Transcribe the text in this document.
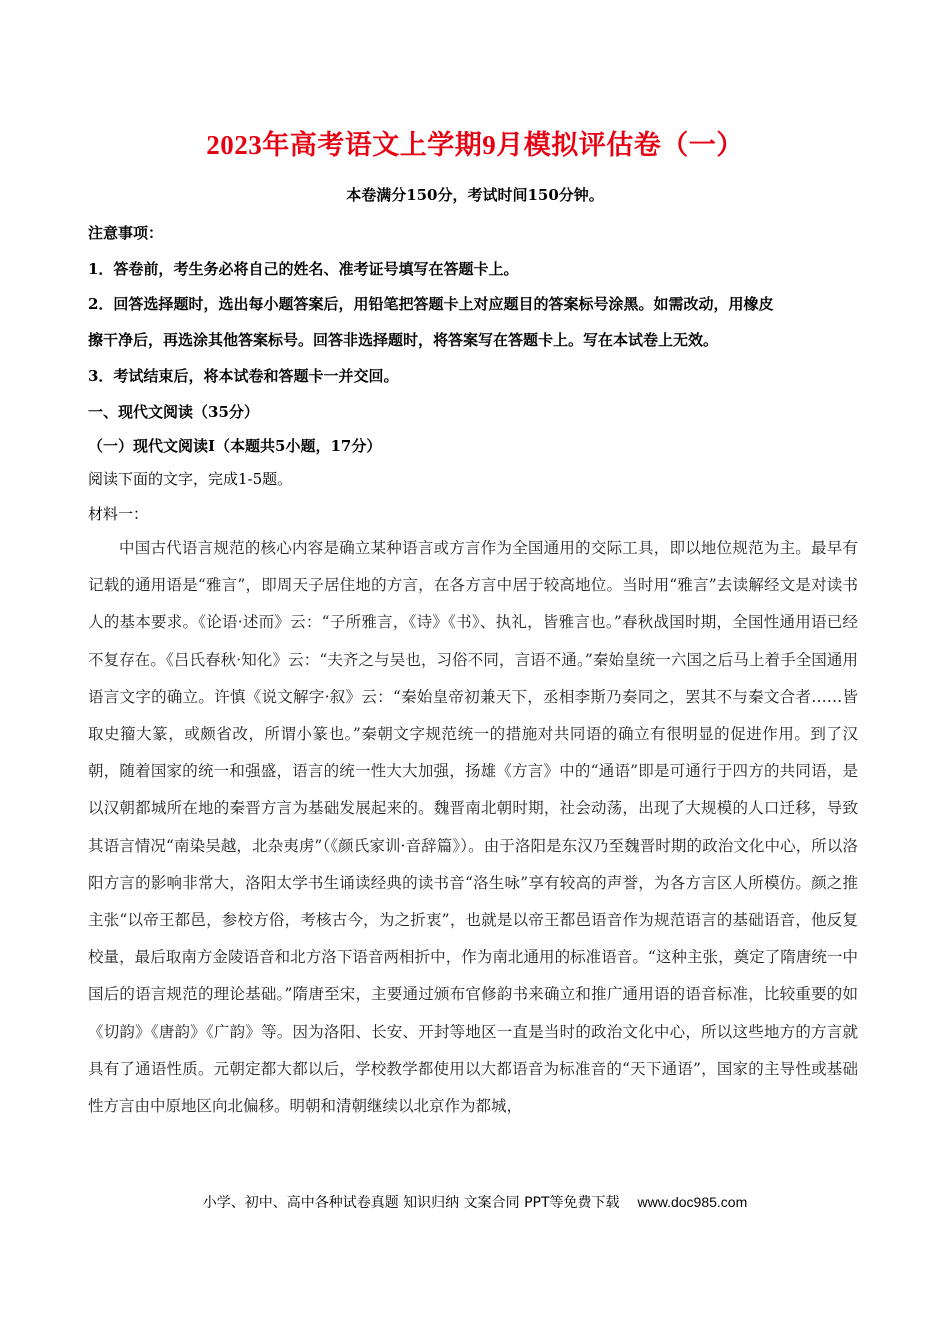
2023年高考语文上学期9月模拟评估卷（一）
本卷满分150分，考试时间150分钟。
注意事项：
1．答卷前，考生务必将自己的姓名、准考证号填写在答题卡上。
2．回答选择题时，选出每小题答案后，用铅笔把答题卡上对应题目的答案标号涂黑。如需改动，用橡皮
擦干净后，再选涂其他答案标号。回答非选择题时，将答案写在答题卡上。写在本试卷上无效。
3．考试结束后，将本试卷和答题卡一并交回。
一、现代文阅读（35分）
（一）现代文阅读Ⅰ（本题共5小题，17分）
阅读下面的文字，完成1-5题。
材料一：
中国古代语言规范的核心内容是确立某种语言或方言作为全国通用的交际工具，即以地位规范为主。最早有记载的通用语是“雅言”，即周天子居住地的方言，在各方言中居于较高地位。当时用“雅言”去读解经文是对读书人的基本要求。《论语·述而》云：“子所雅言，《诗》《书》、执礼，皆雅言也。”春秋战国时期，全国性通用语已经不复存在。《吕氏春秋·知化》云：“夫齐之与吴也，习俗不同，言语不通。”秦始皇统一六国之后马上着手全国通用语言文字的确立。许慎《说文解字·叙》云：“秦始皇帝初兼天下，丞相李斯乃奏同之，罢其不与秦文合者……皆取史籀大篆，或颇省改，所谓小篆也。”秦朝文字规范统一的措施对共同语的确立有很明显的促进作用。到了汉朝，随着国家的统一和强盛，语言的统一性大大加强，扬雄《方言》中的“通语”即是可通行于四方的共同语，是以汉朝都城所在地的秦晋方言为基础发展起来的。魏晋南北朝时期，社会动荡，出现了大规模的人口迁移，导致其语言情况“南染吴越，北杂夷虏”（《颜氏家训·音辞篇》）。由于洛阳是东汉乃至魏晋时期的政治文化中心，所以洛阳方言的影响非常大，洛阳太学书生诵读经典的读书音“洛生咏”享有较高的声誉，为各方言区人所模仿。颜之推主张“以帝王都邑，参校方俗，考核古今，为之折衷”，也就是以帝王都邑语音作为规范语言的基础语音，他反复校量，最后取南方金陵语音和北方洛下语音两相折中，作为南北通用的标准语音。“这种主张，奠定了隋唐统一中国后的语言规范的理论基础。”隋唐至宋，主要通过颁布官修韵书来确立和推广通用语的语音标准，比较重要的如《切韵》《唐韵》《广韵》等。因为洛阳、长安、开封等地区一直是当时的政治文化中心，所以这些地方的方言就具有了通语性质。元朝定都大都以后，学校教学都使用以大都语音为标准音的“天下通语”，国家的主导性或基础性方言由中原地区向北偏移。明朝和清朝继续以北京作为都城，
小学、初中、高中各种试卷真题 知识归纳 文案合同 PPT等免费下载 www.doc985.com
